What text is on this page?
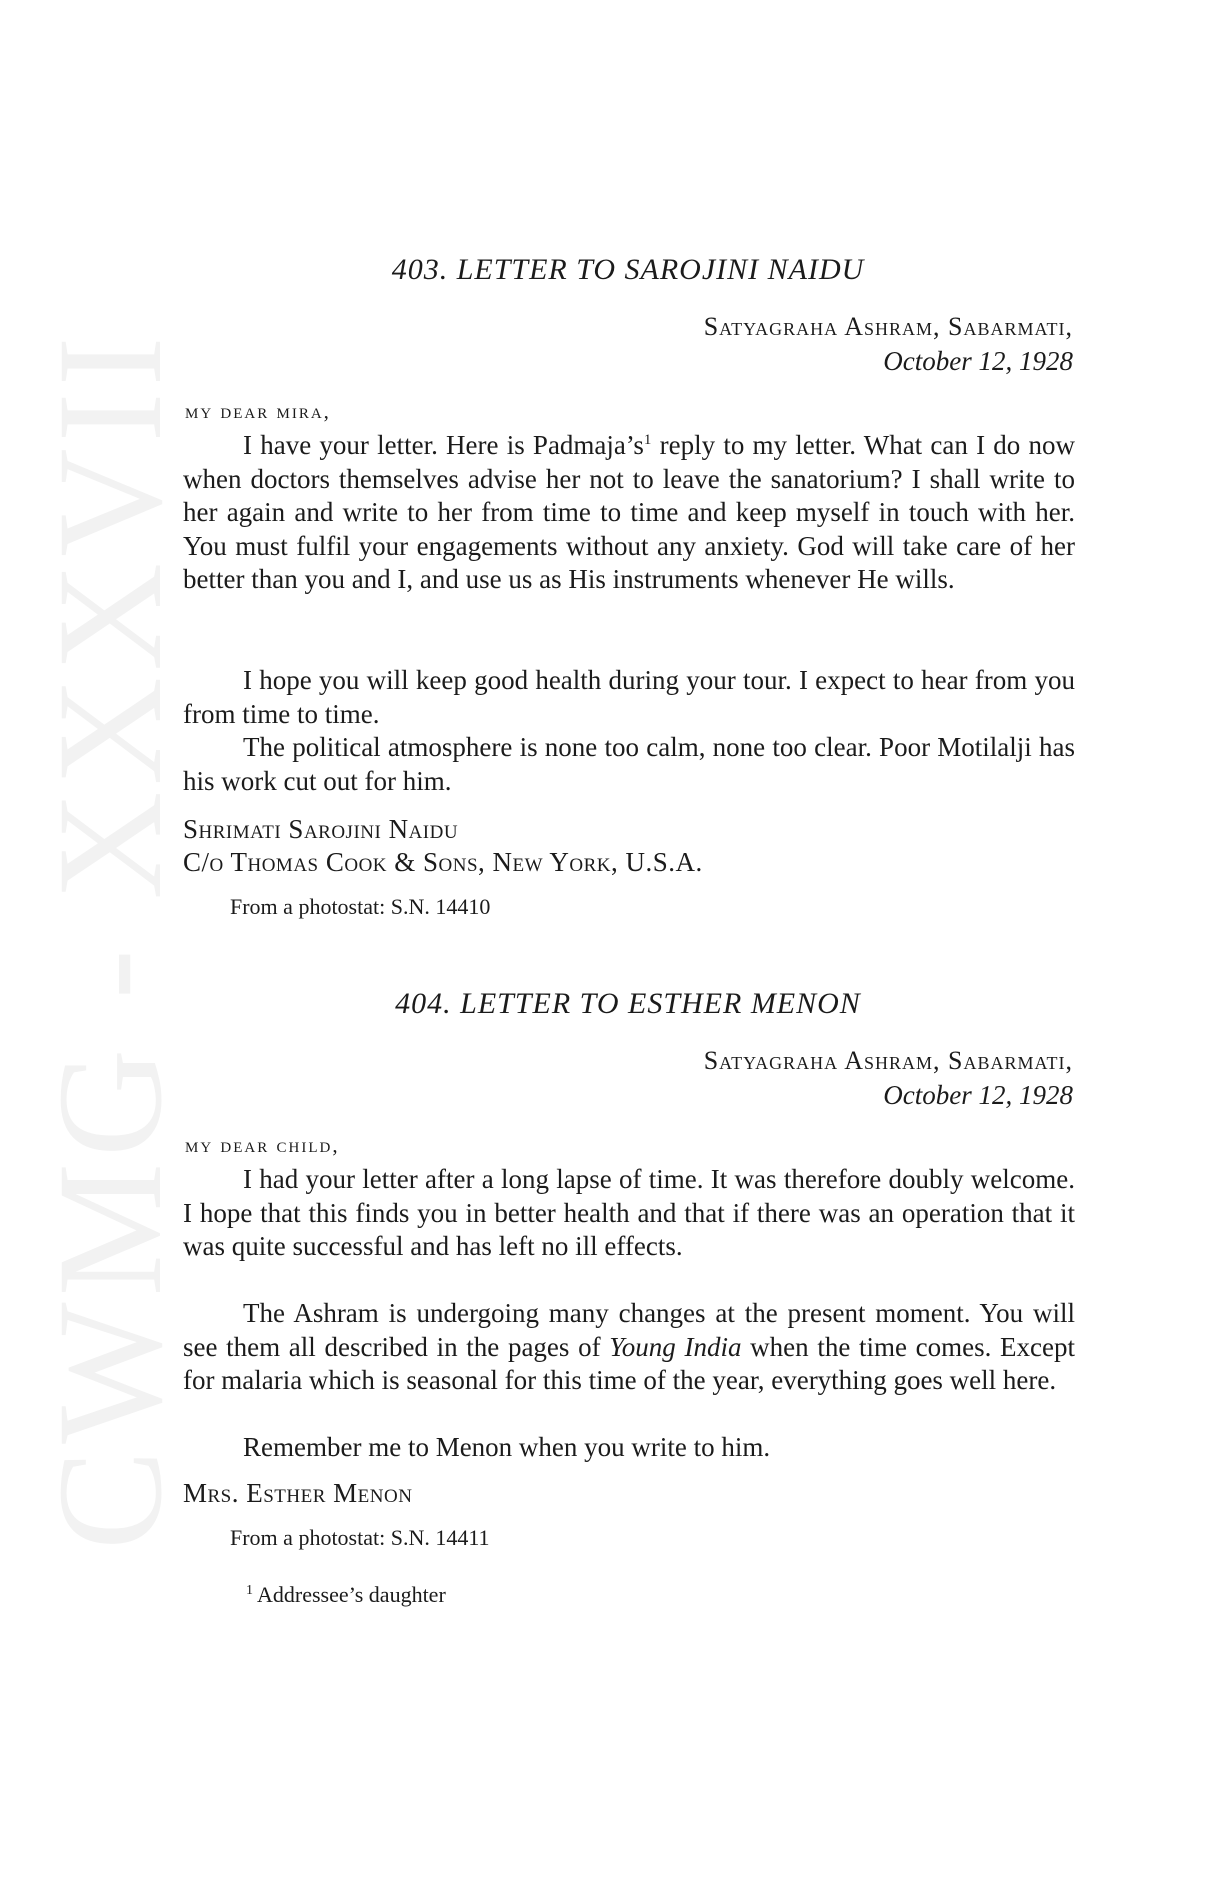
CWMG - XXXVII
403. LETTER TO SAROJINI NAIDU
Satyagraha Ashram, Sabarmati,
October 12, 1928
my dear mira,

I have your letter. Here is $Padmaja’s^1$ reply to my letter. What can I do now when doctors themselves advise her not to leave the sanatorium? I shall write to her again and write to her from time to time and keep myself in touch with her. You must fulfil your engagements without any anxiety. God will take care of her better than you and I, and use us as His instruments whenever He wills.

I hope you will keep good health during your tour. I expect to hear from you from time to time.

The political atmosphere is none too calm, none too clear. Poor Motilalji has his work cut out for him.

Shrimati Sarojini Naidu
C/o Thomas Cook & Sons, New York, U.S.A.
From a photostat: S.N. 14410
404. LETTER TO ESTHER MENON
Satyagraha Ashram, Sabarmati,
October 12, 1928
my dear child,

I had your letter after a long lapse of time. It was therefore doubly welcome. I hope that this finds you in better health and that if there was an operation that it was quite successful and has left no ill effects.

The Ashram is undergoing many changes at the present moment. You will see them all described in the pages of Young India when the time comes. Except for malaria which is seasonal for this time of the year, everything goes well here.

Remember me to Menon when you write to him.

Mrs. Esther Menon
From a photostat: S.N. 14411
$^1$ Addressee’s daughter
